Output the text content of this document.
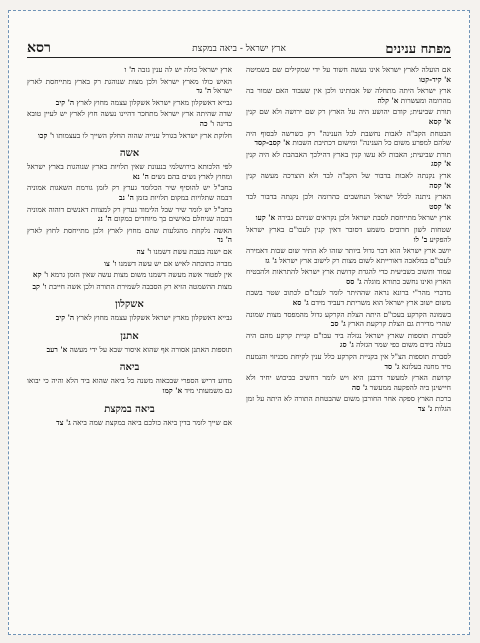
מפתח ענינים
ארץ ישראל - ביאה במקצת
רסא

אם הועלה לארץ ישראל אינו נעשה חשוד על ידי שמקילים שם בשמיטה א' קיד-קטו

ארץ ישראל היתה מתחלה של אבותינו ולכן אין שעבוד האם שמור בה מהרומה ומעשרות א' קלה

תורת שביעית; קודם יהושע היה על הארץ רק שם ירושה ולא שם קנין א' קסא

הבטחת הקב"ה לאבות נחשבת לכל הענינה" רק כשרשה לבסוף היה שלהם למפרע משום כל הענינה" ומישום דכתיבת השבות א' קסב-קסד

תורת שביעית; האבות לא עשו קנין בארץ דהילכך האבהבת לא היה קנין א' קסג

ארץ נקנתה לאבות בדבור של הקב"ה לבד ולא הוצרכה מעשה קנין א' קסה

הארץ ניתנה לכלל ישראל הנחשבים כהרומה ולכן נקנתה בדבור לבד א' קסט

ארץ ישראל מתייחסת לסבת ישראל ולכן נקראים שניהם גבירה א' קעו

שטחות לשון חרובים משמע דסובר דאין קנין לעכו"ם בארץ ישראל להפקיע ב' לו

יושב ארץ ישראל הוא דבר גדול ביותר שזהו לא התיר שום שבות דאמירה לעכו"ם במלאכה דאורייתא לשום מצות רק לישוב ארץ ישראל ג' גז

עמוד ותשוב בשביעית כדי להגדת קדושת ארץ ישראל להתראות ולהבטיח הארץ ואינו נחשב כתורא מוגלה ג' סס

מדברי מהר"י ברונא נראה שההיתר לומר לעכו"ם לכתוב שטר בשבת משום ישוב ארץ ישראל הוא משריתת דעביד מידם ג' סא

בשמונה הקרקע בעכו"ם היתה הצלת הקרקע גדול מהמפסד מצות שמונה שהרי מדירת גם הצלת קרקעת הארץ ג' סב

לסברת תוספות שארץ ישראל נגזלה ביד עבו"ם קניית קרקע מהם היה בעלה בידם משום כפי שמר הגזלה ג' סג

לסברת תוספות הצ"ל אין בקניית הקרקע כלל ענין לקיחת מכניזוי והנמעת מיד מחנה בעלונא ג' סד

קדושת הארץ למעשר דרבנן היא ויש לומר דחשיב כביכוש יחיד ולא חיישינן ביה להפקעה ממעשר ג' סה

ברכת הארץ ספקה אחר החורבן משום שהבטחת התורה לא היתה על זמן הגלות ג' צד

ארץ ישראל כולה יש לה ענין גזבה ה' ו

האיש כולו מארץ ישראל ולכן מצות שנוהגת רק בארץ מתייחסת לארץ ישראל ה' גד

גבייא דאשקלון מארץ ישראל אשקלון עצמה מחוץ לארץ ה' קיב

שדה שהיתה ארץ ישראל מתחכר דהיינו נעשה חוץ לארץ יש לעיין טובא בדינה ו' כה

חלוקת ארץ ישראל בגורל ענייה שהוה החלק השייך לו בעצמותו ו' קכו

אשה

לפי הלכותא בירושלמי בנעונת שאין תלויות בארץ שנוהגות בארץ ישראל ומחוץ לארץ נשים בהם נשים ה' נא

בחב"ל יש להוסיף שיר הכלומד גערץ רק לזמן גורמת השאגות אמוניה דבמה שתלויות במקום תלויות בזמן ה' נב

בחב"ל יש לומר שיר שבל הלימוד גערץ רק למצוות דאנשים דוהוה אמוניה דבמה שניחלם באישים בך מיוחדים במקום ה' נג

האשה נלקחת מהגלעות שהם מחוץ לארץ ולכן מתייחסת לחוץ לארץ ה' נד

אם ישנה בעבת עשת דשמנו ו' צה

מברה כתובתה לאיש אם יש עשה דשמנו ו' צו

אין לפטור אשה מעשה דשמנו משום מצות עשה שאין הזמן גרמא ו' קא

מצות ההשמטה הזיא רק הסבבה לשמירת התורה ולכן אשה חייבת ו' קב

אשקלון

גבייא דאשקלון מארץ ישראל אשקלון עצמה מחוץ לארץ ה' קיב

אתנן

תוספות האתנן אסורה אף שהוא איסור שבא על ידי מעשה א' רעב

ביאה

מדוע דריש הספרי שבכאוה משנה כל ביאה שהוא ביד הלא והיה כי יבואו גם משמעותי מיד א' קמו

ביאה במקצת

אם שייך לומר בדין ביאה כולכם ביאה במקצת שמה ביאה ג' צד
